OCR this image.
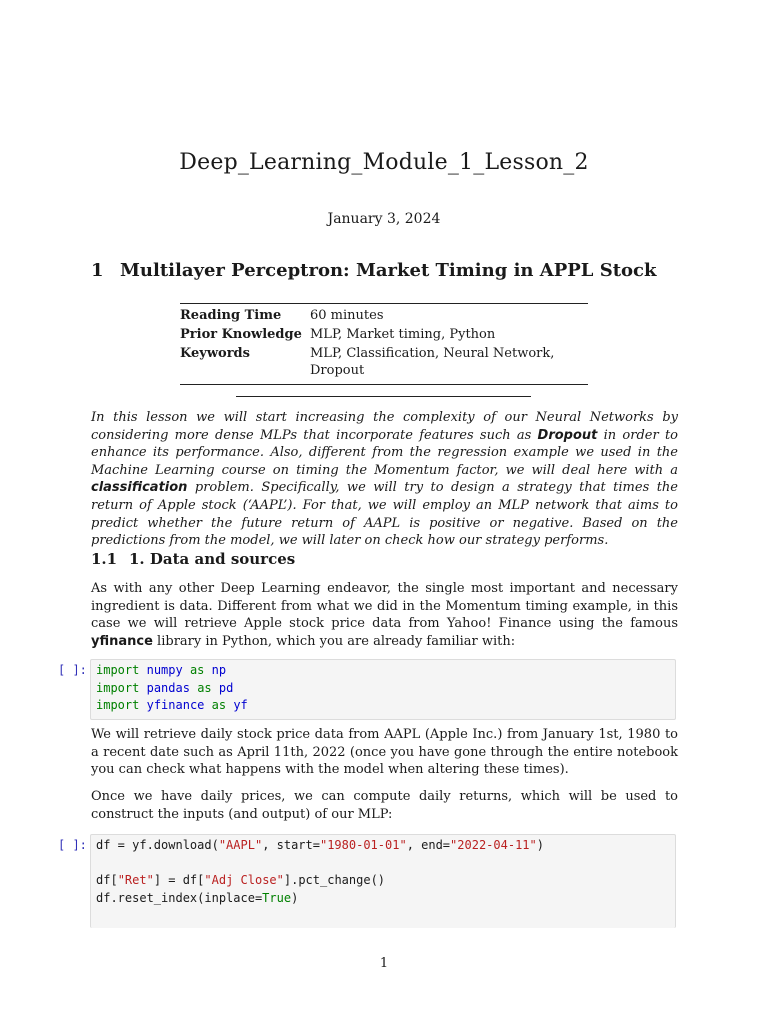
Deep_Learning_Module_1_Lesson_2
January 3, 2024
1 Multilayer Perceptron: Market Timing in APPL Stock
Reading Time	60 minutes
Prior Knowledge	MLP, Market timing, Python
Keywords	MLP, Classification, Neural Network, Dropout
In this lesson we will start increasing the complexity of our Neural Networks by considering more dense MLPs that incorporate features such as Dropout in order to enhance its performance. Also, different from the regression example we used in the Machine Learning course on timing the Momentum factor, we will deal here with a classification problem. Specifically, we will try to design a strategy that times the return of Apple stock (‘AAPL’). For that, we will employ an MLP network that aims to predict whether the future return of AAPL is positive or negative. Based on the predictions from the model, we will later on check how our strategy performs.
1.1 1. Data and sources
As with any other Deep Learning endeavor, the single most important and necessary ingredient is data. Different from what we did in the Momentum timing example, in this case we will retrieve Apple stock price data from Yahoo! Finance using the famous yfinance library in Python, which you are already familiar with:
[ ]: import numpy as np
import pandas as pd
import yfinance as yf
We will retrieve daily stock price data from AAPL (Apple Inc.) from January 1st, 1980 to a recent date such as April 11th, 2022 (once you have gone through the entire notebook you can check what happens with the model when altering these times).
Once we have daily prices, we can compute daily returns, which will be used to construct the inputs (and output) of our MLP:
[ ]: df = yf.download("AAPL", start="1980-01-01", end="2022-04-11")

df["Ret"] = df["Adj Close"].pct_change()
df.reset_index(inplace=True)
1
